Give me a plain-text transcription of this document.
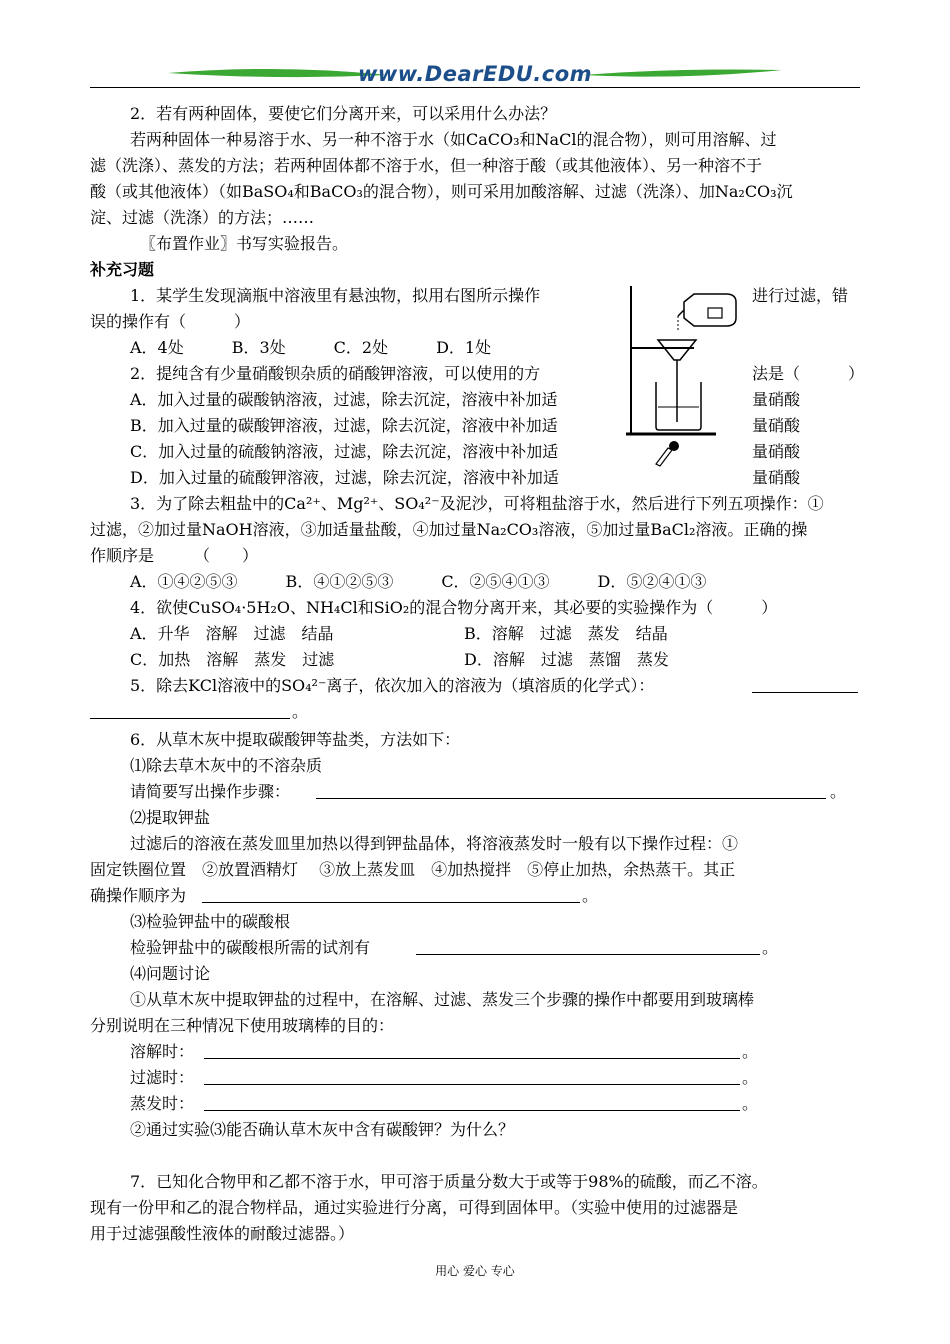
www.DearEDU.com
2．若有两种固体，要使它们分离开来，可以采用什么办法？
若两种固体一种易溶于水、另一种不溶于水（如CaCO₃和NaCl的混合物），则可用溶解、过
滤（洗涤）、蒸发的方法；若两种固体都不溶于水，但一种溶于酸（或其他液体）、另一种溶不于
酸（或其他液体）（如BaSO₄和BaCO₃的混合物），则可采用加酸溶解、过滤（洗涤）、加Na₂CO₃沉
淀、过滤（洗涤）的方法；……
〖布置作业〗书写实验报告。
补充习题
1．某学生发现滴瓶中溶液里有悬浊物，拟用右图所示操作	进行过滤，错
误的操作有（　　　）
A．4处　　　B．3处　　　C．2处　　　D．1处
2．提纯含有少量硝酸钡杂质的硝酸钾溶液，可以使用的方	法是（　　　）
A．加入过量的碳酸钠溶液，过滤，除去沉淀，溶液中补加适	量硝酸
B．加入过量的碳酸钾溶液，过滤，除去沉淀，溶液中补加适	量硝酸
C．加入过量的硫酸钠溶液，过滤，除去沉淀，溶液中补加适	量硝酸
D．加入过量的硫酸钾溶液，过滤，除去沉淀，溶液中补加适	量硝酸
3．为了除去粗盐中的Ca²⁺、Mg²⁺、SO₄²⁻及泥沙，可将粗盐溶于水，然后进行下列五项操作：①
过滤，②加过量NaOH溶液，③加适量盐酸，④加过量Na₂CO₃溶液，⑤加过量BaCl₂溶液。正确的操
作顺序是　　　（　　）
A．①④②⑤③　　　B．④①②⑤③　　　C．②⑤④①③　　　D．⑤②④①③
4．欲使CuSO₄·5H₂O、NH₄Cl和SiO₂的混合物分离开来，其必要的实验操作为（　　　）
A．升华　溶解　过滤　结晶	B．溶解　过滤　蒸发　结晶
C．加热　溶解　蒸发　过滤	D．溶解　过滤　蒸馏　蒸发
5．除去KCl溶液中的SO₄²⁻离子，依次加入的溶液为（填溶质的化学式）：
。
6．从草木灰中提取碳酸钾等盐类，方法如下：
⑴除去草木灰中的不溶杂质
请简要写出操作步骤：	。
⑵提取钾盐
过滤后的溶液在蒸发皿里加热以得到钾盐晶体，将溶液蒸发时一般有以下操作过程：①
固定铁圈位置　②放置酒精灯　 ③放上蒸发皿　④加热搅拌　⑤停止加热，余热蒸干。其正
确操作顺序为	。
⑶检验钾盐中的碳酸根
检验钾盐中的碳酸根所需的试剂有	。
⑷问题讨论
①从草木灰中提取钾盐的过程中，在溶解、过滤、蒸发三个步骤的操作中都要用到玻璃棒
分别说明在三种情况下使用玻璃棒的目的：
溶解时：	。
过滤时：	。
蒸发时：	。
②通过实验⑶能否确认草木灰中含有碳酸钾？为什么？
7．已知化合物甲和乙都不溶于水，甲可溶于质量分数大于或等于98%的硫酸，而乙不溶。
现有一份甲和乙的混合物样品，通过实验进行分离，可得到固体甲。（实验中使用的过滤器是
用于过滤强酸性液体的耐酸过滤器。）
用心 爱心 专心
